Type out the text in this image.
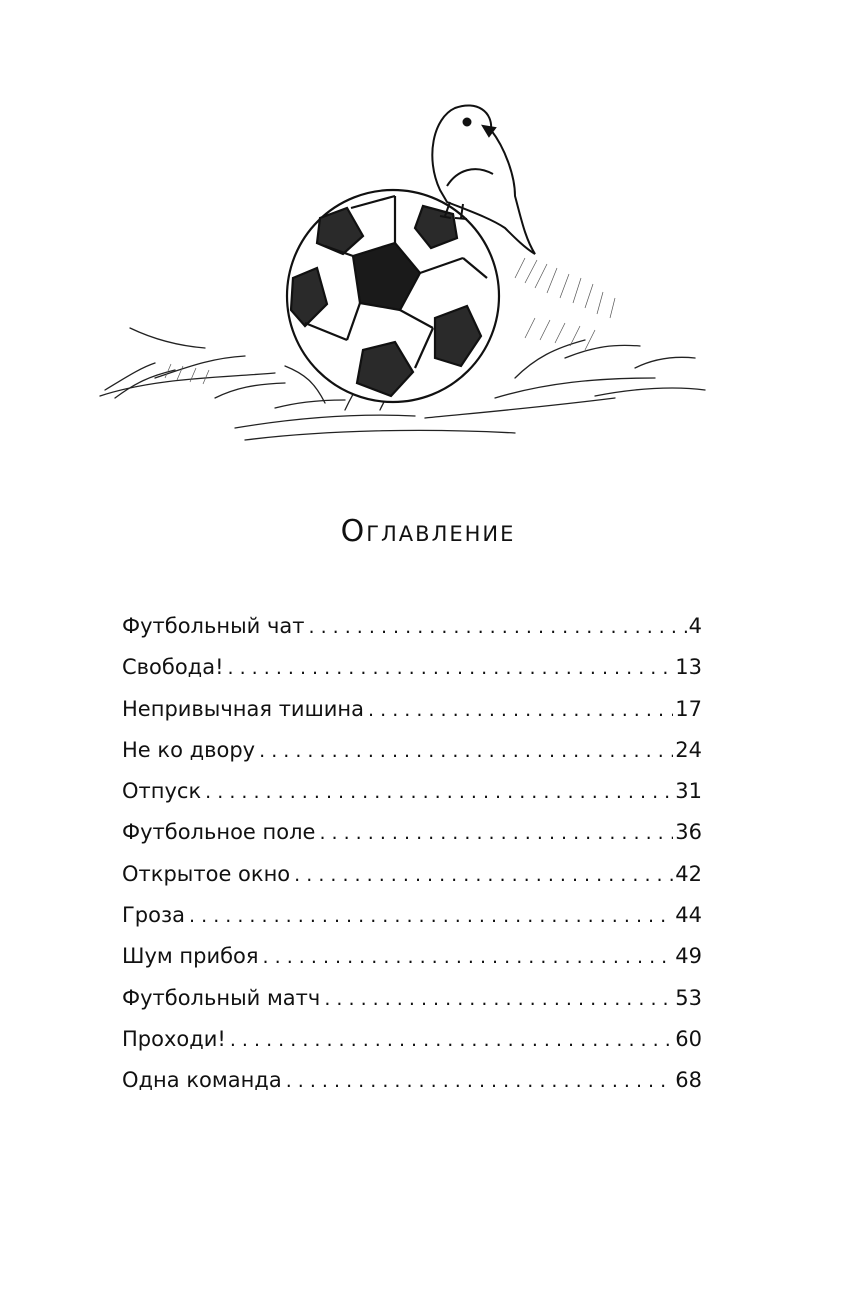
Оглавление
Футбольный чат . . .	4
Свобода! . . .	13
Непривычная тишина . . .	17
Не ко двору . . .	24
Отпуск . . .	31
Футбольное поле . . .	36
Открытое окно . . .	42
Гроза . . .	44
Шум прибоя . . .	49
Футбольный матч . . .	53
Проходи! . . .	60
Одна команда . . .	68
